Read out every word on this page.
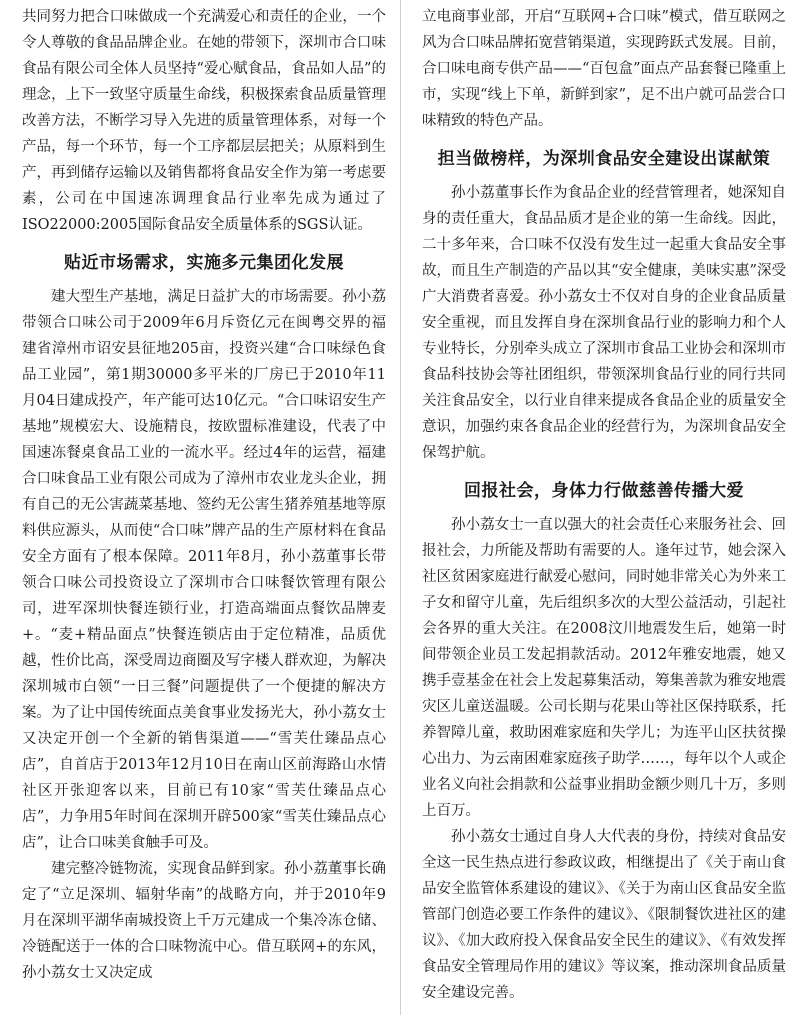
共同努力把合口味做成一个充满爱心和责任的企业，一个令人尊敬的食品品牌企业。在她的带领下，深圳市合口味食品有限公司全体人员坚持“爱心赋食品，食品如人品”的理念，上下一致坚守质量生命线，积极探索食品质量管理改善方法，不断学习导入先进的质量管理体系，对每一个产品，每一个环节，每一个工序都层层把关；从原料到生产，再到储存运输以及销售都将食品安全作为第一考虑要素，公司在中国速冻调理食品行业率先成为通过了ISO22000:2005国际食品安全质量体系的SGS认证。

贴近市场需求，实施多元集团化发展

建大型生产基地，满足日益扩大的市场需要。孙小荔带领合口味公司于2009年6月斥资亿元在闽粤交界的福建省漳州市诏安县征地205亩，投资兴建“合口味绿色食品工业园”，第1期30000多平米的厂房已于2010年11月04日建成投产，年产能可达10亿元。“合口味诏安生产基地”规模宏大、设施精良，按欧盟标准建设，代表了中国速冻餐桌食品工业的一流水平。经过4年的运营，福建合口味食品工业有限公司成为了漳州市农业龙头企业，拥有自己的无公害蔬菜基地、签约无公害生猪养殖基地等原料供应源头，从而使“合口味”牌产品的生产原材料在食品安全方面有了根本保障。2011年8月，孙小荔董事长带领合口味公司投资设立了深圳市合口味餐饮管理有限公司，进军深圳快餐连锁行业，打造高端面点餐饮品牌麦+。“麦+精品面点”快餐连锁店由于定位精准，品质优越，性价比高，深受周边商圈及写字楼人群欢迎，为解决深圳城市白领“一日三餐”问题提供了一个便捷的解决方案。为了让中国传统面点美食事业发扬光大，孙小荔女士又决定开创一个全新的销售渠道——“雪芙仕臻品点心店”，自首店于2013年12月10日在南山区前海路山水情社区开张迎客以来，目前已有10家“雪芙仕臻品点心店”，力争用5年时间在深圳开辟500家“雪芙仕臻品点心店”，让合口味美食触手可及。

建完整冷链物流，实现食品鲜到家。孙小荔董事长确定了“立足深圳、辐射华南”的战略方向，并于2010年9月在深圳平湖华南城投资上千万元建成一个集冷冻仓储、冷链配送于一体的合口味物流中心。借互联网+的东风，孙小荔女士又决定成

立电商事业部，开启“互联网+合口味”模式，借互联网之风为合口味品牌拓宽营销渠道，实现跨跃式发展。目前，合口味电商专供产品——“百包盒”面点产品套餐已隆重上市，实现“线上下单，新鲜到家”，足不出户就可品尝合口味精致的特色产品。

担当做榜样，为深圳食品安全建设出谋献策

孙小荔董事长作为食品企业的经营管理者，她深知自身的责任重大，食品品质才是企业的第一生命线。因此，二十多年来，合口味不仅没有发生过一起重大食品安全事故，而且生产制造的产品以其“安全健康，美味实惠”深受广大消费者喜爱。孙小荔女士不仅对自身的企业食品质量安全重视，而且发挥自身在深圳食品行业的影响力和个人专业特长，分别牵头成立了深圳市食品工业协会和深圳市食品科技协会等社团组织，带领深圳食品行业的同行共同关注食品安全，以行业自律来提成各食品企业的质量安全意识，加强约束各食品企业的经营行为，为深圳食品安全保驾护航。

回报社会，身体力行做慈善传播大爱

孙小荔女士一直以强大的社会责任心来服务社会、回报社会，力所能及帮助有需要的人。逢年过节，她会深入社区贫困家庭进行献爱心慰问，同时她非常关心为外来工子女和留守儿童，先后组织多次的大型公益活动，引起社会各界的重大关注。在2008汶川地震发生后，她第一时间带领企业员工发起捐款活动。2012年雅安地震，她又携手壹基金在社会上发起募集活动，筹集善款为雅安地震灾区儿童送温暖。公司长期与花果山等社区保持联系，托养智障儿童，救助困难家庭和失学儿；为连平山区扶贫操心出力、为云南困难家庭孩子助学……，每年以个人或企业名义向社会捐款和公益事业捐助金额少则几十万，多则上百万。

孙小荔女士通过自身人大代表的身份，持续对食品安全这一民生热点进行参政议政，相继提出了《关于南山食品安全监管体系建设的建议》、《关于为南山区食品安全监管部门创造必要工作条件的建议》、《限制餐饮进社区的建议》、《加大政府投入保食品安全民生的建议》、《有效发挥食品安全管理局作用的建议》等议案，推动深圳食品质量安全建设完善。
